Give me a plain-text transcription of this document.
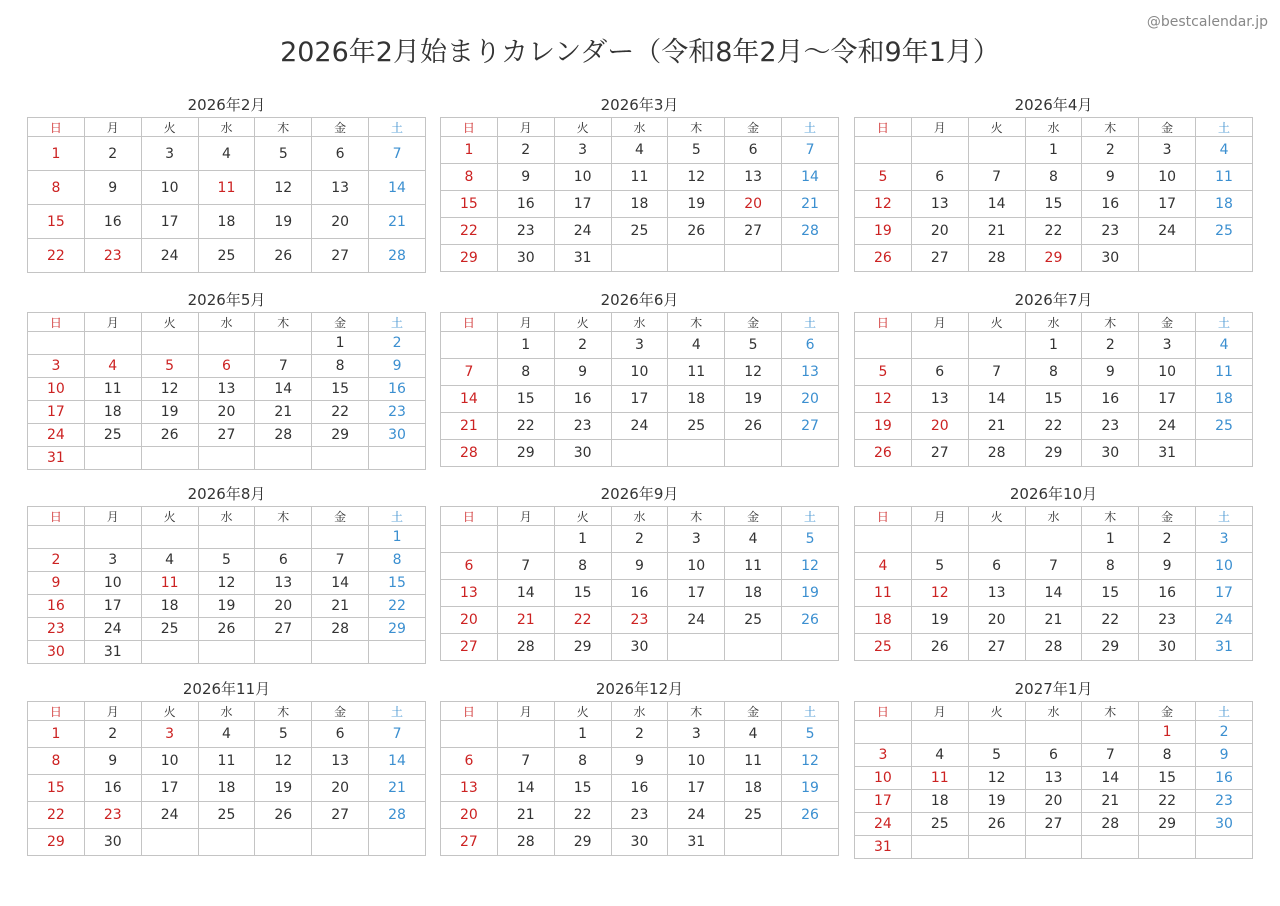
@bestcalendar.jp
2026年2月始まりカレンダー（令和8年2月〜令和9年1月）
2026年2月
日	月	火	水	木	金	土
1	2	3	4	5	6	7
8	9	10	11	12	13	14
15	16	17	18	19	20	21
22	23	24	25	26	27	28
2026年3月
日	月	火	水	木	金	土
1	2	3	4	5	6	7
8	9	10	11	12	13	14
15	16	17	18	19	20	21
22	23	24	25	26	27	28
29	30	31				
2026年4月
日	月	火	水	木	金	土
			1	2	3	4
5	6	7	8	9	10	11
12	13	14	15	16	17	18
19	20	21	22	23	24	25
26	27	28	29	30		
2026年5月
日	月	火	水	木	金	土
					1	2
3	4	5	6	7	8	9
10	11	12	13	14	15	16
17	18	19	20	21	22	23
24	25	26	27	28	29	30
31						
2026年6月
日	月	火	水	木	金	土
	1	2	3	4	5	6
7	8	9	10	11	12	13
14	15	16	17	18	19	20
21	22	23	24	25	26	27
28	29	30				
2026年7月
日	月	火	水	木	金	土
			1	2	3	4
5	6	7	8	9	10	11
12	13	14	15	16	17	18
19	20	21	22	23	24	25
26	27	28	29	30	31	
2026年8月
日	月	火	水	木	金	土
						1
2	3	4	5	6	7	8
9	10	11	12	13	14	15
16	17	18	19	20	21	22
23	24	25	26	27	28	29
30	31					
2026年9月
日	月	火	水	木	金	土
		1	2	3	4	5
6	7	8	9	10	11	12
13	14	15	16	17	18	19
20	21	22	23	24	25	26
27	28	29	30			
2026年10月
日	月	火	水	木	金	土
				1	2	3
4	5	6	7	8	9	10
11	12	13	14	15	16	17
18	19	20	21	22	23	24
25	26	27	28	29	30	31
2026年11月
日	月	火	水	木	金	土
1	2	3	4	5	6	7
8	9	10	11	12	13	14
15	16	17	18	19	20	21
22	23	24	25	26	27	28
29	30					
2026年12月
日	月	火	水	木	金	土
		1	2	3	4	5
6	7	8	9	10	11	12
13	14	15	16	17	18	19
20	21	22	23	24	25	26
27	28	29	30	31		
2027年1月
日	月	火	水	木	金	土
					1	2
3	4	5	6	7	8	9
10	11	12	13	14	15	16
17	18	19	20	21	22	23
24	25	26	27	28	29	30
31						
